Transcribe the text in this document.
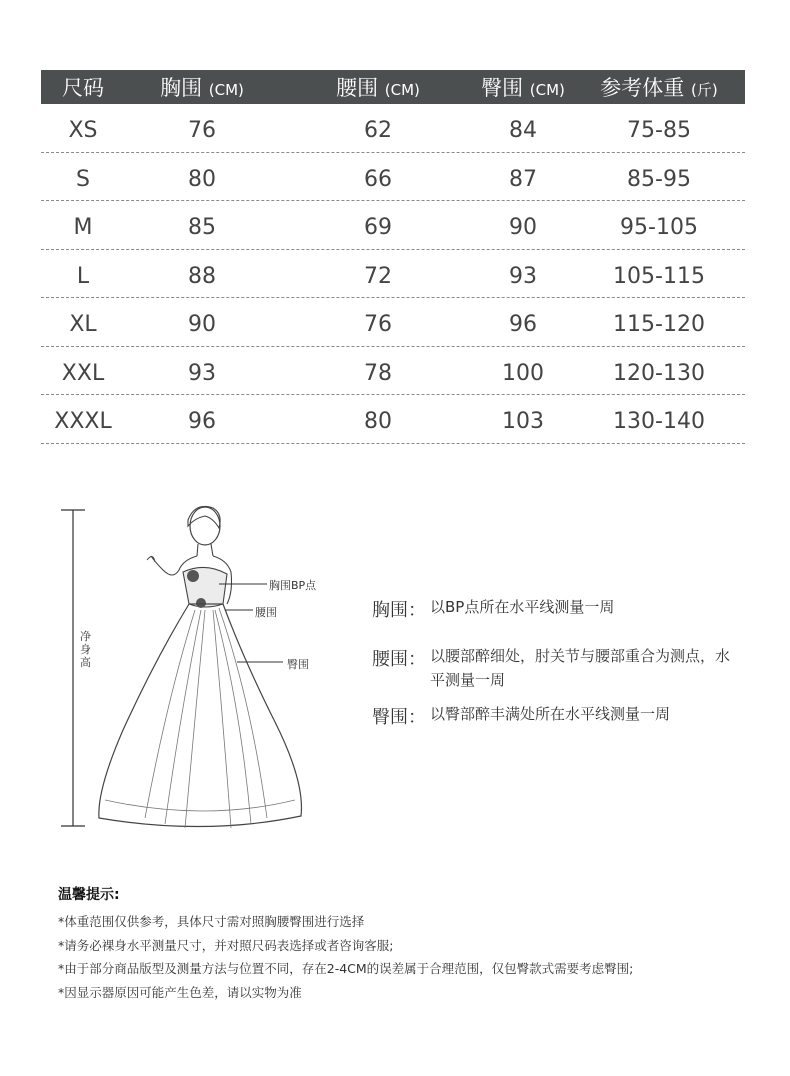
尺码	胸围 (CM)	腰围 (CM)	臀围 (CM)	参考体重 (斤)
XS	76	62	84	75-85
S	80	66	87	85-95
M	85	69	90	95-105
L	88	72	93	105-115
XL	90	76	96	115-120
XXL	93	78	100	120-130
XXXL	96	80	103	130-140
净身高
胸围BP点
腰围
臀围
胸围： 以BP点所在水平线测量一周
腰围： 以腰部醉细处，肘关节与腰部重合为测点，水平测量一周
臀围： 以臀部醉丰满处所在水平线测量一周
温馨提示:
*体重范围仅供参考，具体尺寸需对照胸腰臀围进行选择
*请务必裸身水平测量尺寸，并对照尺码表选择或者咨询客服;
*由于部分商品版型及测量方法与位置不同，存在2-4CM的误差属于合理范围，仅包臀款式需要考虑臀围;
*因显示器原因可能产生色差，请以实物为准
